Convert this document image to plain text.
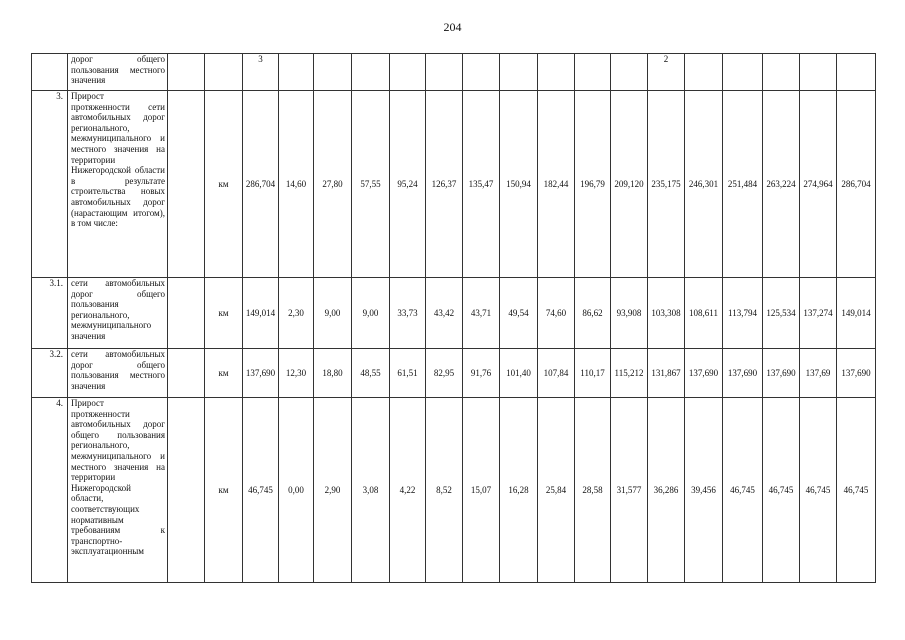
204
	дорог общего пользования местного значения			3											2					
3.	Прирост протяженности сети автомобильных дорог регионального, межмуниципального и местного значения на территории Нижегородской области в результате строительства новых автомобильных дорог (нарастающим итогом), в том числе:		км	286,704	14,60	27,80	57,55	95,24	126,37	135,47	150,94	182,44	196,79	209,120	235,175	246,301	251,484	263,224	274,964	286,704
3.1.	сети автомобильных дорог общего пользования регионального, межмуниципального значения		км	149,014	2,30	9,00	9,00	33,73	43,42	43,71	49,54	74,60	86,62	93,908	103,308	108,611	113,794	125,534	137,274	149,014
3.2.	сети автомобильных дорог общего пользования местного значения		км	137,690	12,30	18,80	48,55	61,51	82,95	91,76	101,40	107,84	110,17	115,212	131,867	137,690	137,690	137,690	137,69	137,690
4.	Прирост протяженности автомобильных дорог общего пользования регионального, межмуниципального и местного значения на территории Нижегородской области, соответствующих нормативным требованиям к транспортно-эксплуатационным		км	46,745	0,00	2,90	3,08	4,22	8,52	15,07	16,28	25,84	28,58	31,577	36,286	39,456	46,745	46,745	46,745	46,745
